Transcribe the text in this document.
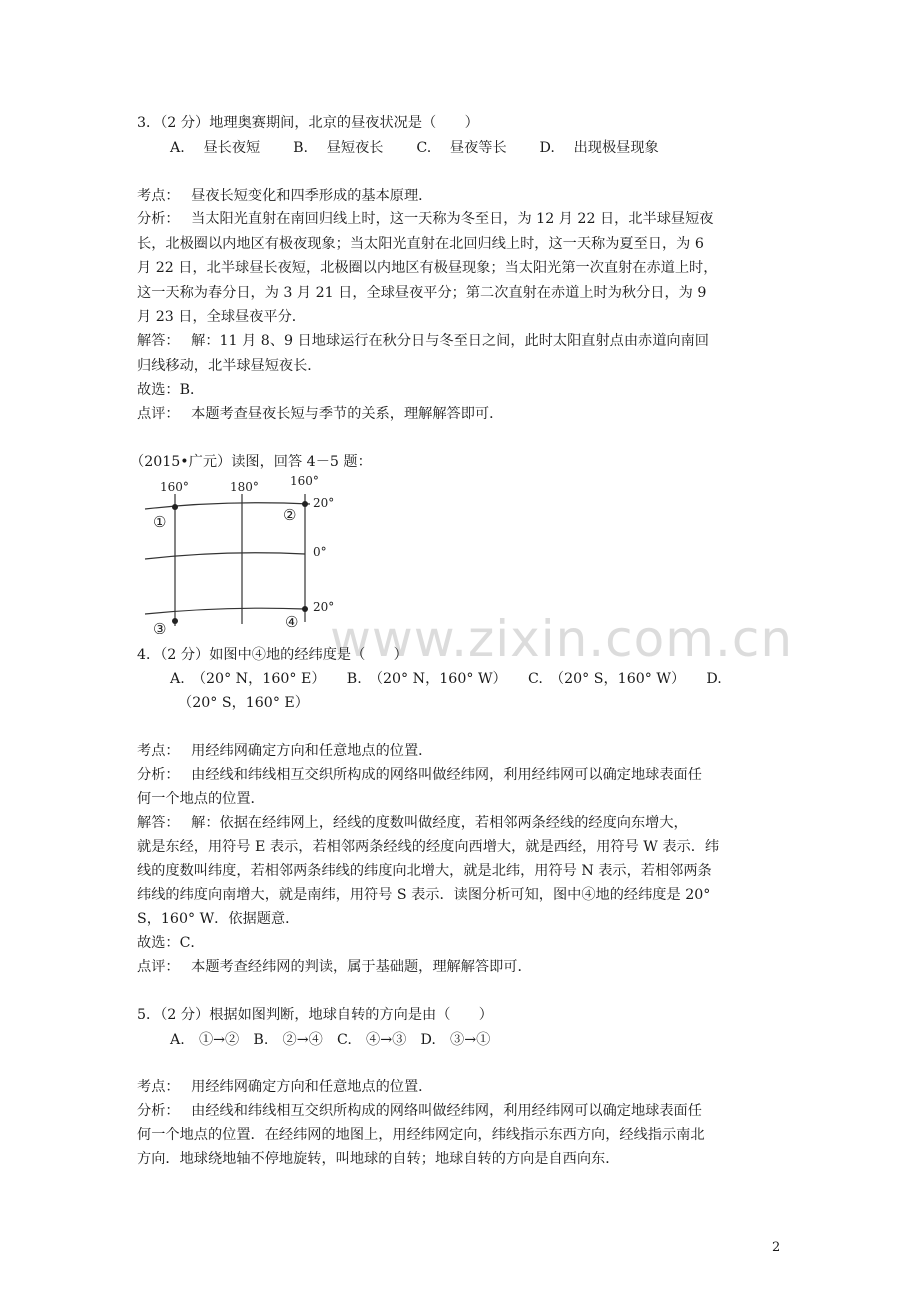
www.zixin.com.cn
3．（2 分）地理奥赛期间，北京的昼夜状况是（　　）
A.　 昼长夜短　 　B.　 昼短夜长　 　C.　 昼夜等长　 　D.　 出现极昼现象
考点：　 昼夜长短变化和四季形成的基本原理．
分析：　 当太阳光直射在南回归线上时，这一天称为冬至日，为 12 月 22 日，北半球昼短夜
长，北极圈以内地区有极夜现象；当太阳光直射在北回归线上时，这一天称为夏至日，为 6
月 22 日，北半球昼长夜短，北极圈以内地区有极昼现象；当太阳光第一次直射在赤道上时，
这一天称为春分日，为 3 月 21 日，全球昼夜平分；第二次直射在赤道上时为秋分日，为 9
月 23 日，全球昼夜平分．
解答：　 解：11 月 8、9 日地球运行在秋分日与冬至日之间，此时太阳直射点由赤道向南回
归线移动，北半球昼短夜长．
故选：B．
点评：　 本题考查昼夜长短与季节的关系，理解解答即可．
（2015•广元）读图，回答 4－5 题：
160°	180°	160°
20°
0°
20°
①	②
③	④
4．（2 分）如图中④地的经纬度是（　　）
A.　（20° N，160° E）　　B.　（20° N，160° W）　　C.　（20° S，160° W）　　D.
（20° S，160° E）
考点：　 用经纬网确定方向和任意地点的位置．
分析：　 由经线和纬线相互交织所构成的网络叫做经纬网，利用经纬网可以确定地球表面任
何一个地点的位置．
解答：　 解：依据在经纬网上，经线的度数叫做经度，若相邻两条经线的经度向东增大，
就是东经，用符号 E 表示，若相邻两条经线的经度向西增大，就是西经，用符号 W 表示．纬
线的度数叫纬度，若相邻两条纬线的纬度向北增大，就是北纬，用符号 N 表示，若相邻两条
纬线的纬度向南增大，就是南纬，用符号 S 表示．读图分析可知，图中④地的经纬度是 20°
S，160° W．依据题意．
故选：C．
点评：　 本题考查经纬网的判读，属于基础题，理解解答即可．
5．（2 分）根据如图判断，地球自转的方向是由（　　）
A.　①→②　B.　②→④　C.　④→③　D.　③→①
考点：　 用经纬网确定方向和任意地点的位置．
分析：　 由经线和纬线相互交织所构成的网络叫做经纬网，利用经纬网可以确定地球表面任
何一个地点的位置．在经纬网的地图上，用经纬网定向，纬线指示东西方向，经线指示南北
方向．地球绕地轴不停地旋转，叫地球的自转；地球自转的方向是自西向东．
2
